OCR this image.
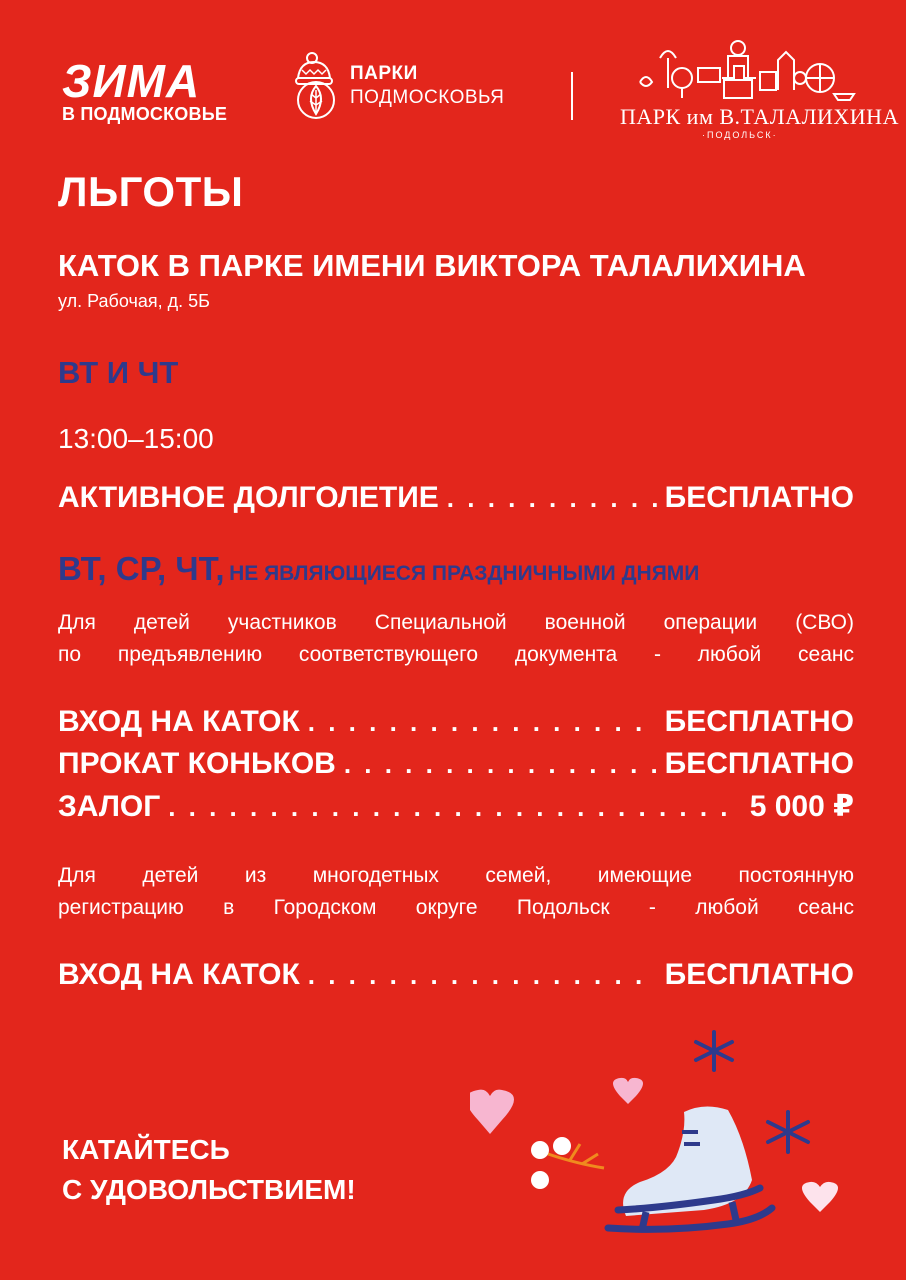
ЗИМА
В ПОДМОСКОВЬЕ
ПАРКИ
ПОДМОСКОВЬЯ
ПАРК им В.ТАЛАЛИХИНА
·ПОДОЛЬСК·
ЛЬГОТЫ
КАТОК В ПАРКЕ ИМЕНИ ВИКТОРА ТАЛАЛИХИНА
ул. Рабочая, д. 5Б
ВТ И ЧТ
13:00–15:00
АКТИВНОЕ ДОЛГОЛЕТИЕ . . .	БЕСПЛАТНО
ВТ, СР, ЧТ, НЕ ЯВЛЯЮЩИЕСЯ ПРАЗДНИЧНЫМИ ДНЯМИ
Для детей участников Специальной военной операции (СВО)
по предъявлению соответствующего документа - любой сеанс
ВХОД НА КАТОК . . .	БЕСПЛАТНО
ПРОКАТ КОНЬКОВ . . .	БЕСПЛАТНО
ЗАЛОГ . . .	5 000 ₽
Для детей из многодетных семей, имеющие постоянную
регистрацию в Городском округе Подольск - любой сеанс
ВХОД НА КАТОК . . .	БЕСПЛАТНО
КАТАЙТЕСЬ
С УДОВОЛЬСТВИЕМ!
